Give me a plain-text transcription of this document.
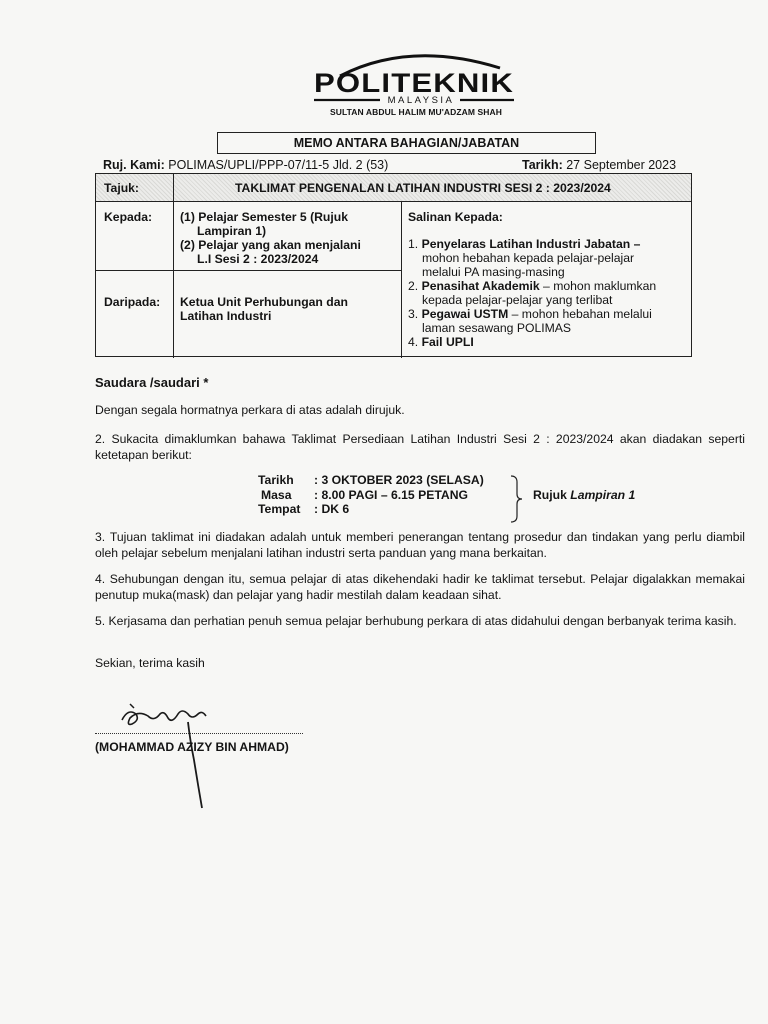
POLITEKNIK
MALAYSIA
SULTAN ABDUL HALIM MU'ADZAM SHAH
MEMO ANTARA BAHAGIAN/JABATAN
Ruj. Kami: POLIMAS/UPLI/PPP-07/11-5 Jld. 2 (53)	Tarikh: 27 September 2023
Tajuk:	TAKLIMAT PENGENALAN LATIHAN INDUSTRI SESI 2 : 2023/2024
Kepada: (1) Pelajar Semester 5 (Rujuk
Lampiran 1)
(2) Pelajar yang akan menjalani
L.I Sesi 2 : 2023/2024
Daripada: Ketua Unit Perhubungan dan
Latihan Industri
Salinan Kepada:
1. Penyelaras Latihan Industri Jabatan –
mohon hebahan kepada pelajar-pelajar
melalui PA masing-masing
2. Penasihat Akademik – mohon maklumkan
kepada pelajar-pelajar yang terlibat
3. Pegawai USTM – mohon hebahan melalui
laman sesawang POLIMAS
4. Fail UPLI
Saudara /saudari *
Dengan segala hormatnya perkara di atas adalah dirujuk.
2. Sukacita dimaklumkan bahawa Taklimat Persediaan Latihan Industri Sesi 2 : 2023/2024 akan diadakan seperti ketetapan berikut:
Tarikh : 3 OKTOBER 2023 (SELASA)
Masa : 8.00 PAGI – 6.15 PETANG
Tempat : DK 6
Rujuk Lampiran 1
3. Tujuan taklimat ini diadakan adalah untuk memberi penerangan tentang prosedur dan tindakan yang perlu diambil oleh pelajar sebelum menjalani latihan industri serta panduan yang mana berkaitan.
4. Sehubungan dengan itu, semua pelajar di atas dikehendaki hadir ke taklimat tersebut. Pelajar digalakkan memakai penutup muka(mask) dan pelajar yang hadir mestilah dalam keadaan sihat.
5. Kerjasama dan perhatian penuh semua pelajar berhubung perkara di atas didahului dengan berbanyak terima kasih.
Sekian, terima kasih
(MOHAMMAD AZIZY BIN AHMAD)
